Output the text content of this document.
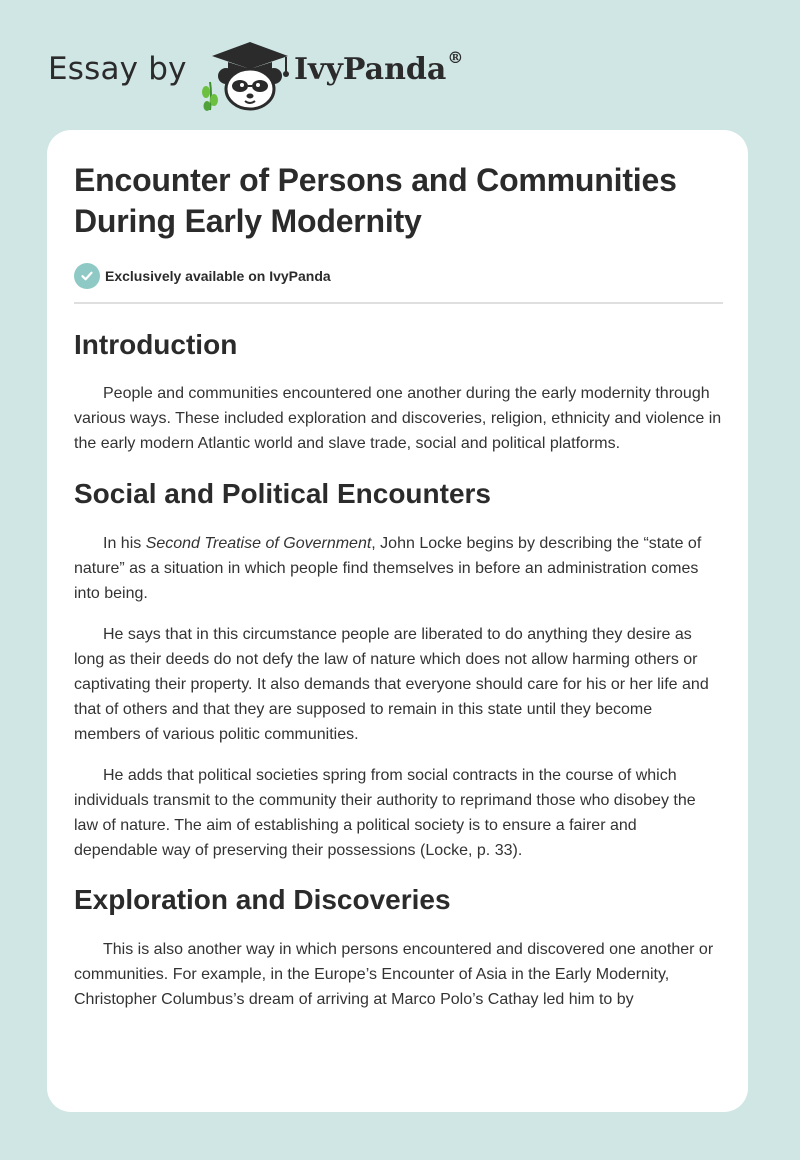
Essay by	IvyPanda®
Encounter of Persons and Communities
During Early Modernity
Exclusively available on IvyPanda
Introduction

People and communities encountered one another during the early modernity through various ways. These included exploration and discoveries, religion, ethnicity and violence in the early modern Atlantic world and slave trade, social and political platforms.

Social and Political Encounters

In his Second Treatise of Government, John Locke begins by describing the “state of nature” as a situation in which people find themselves in before an administration comes into being.

He says that in this circumstance people are liberated to do anything they desire as long as their deeds do not defy the law of nature which does not allow harming others or captivating their property. It also demands that everyone should care for his or her life and that of others and that they are supposed to remain in this state until they become members of various politic communities.

He adds that political societies spring from social contracts in the course of which individuals transmit to the community their authority to reprimand those who disobey the law of nature. The aim of establishing a political society is to ensure a fairer and dependable way of preserving their possessions (Locke, p. 33).

Exploration and Discoveries

This is also another way in which persons encountered and discovered one another or communities. For example, in the Europe’s Encounter of Asia in the Early Modernity, Christopher Columbus’s dream of arriving at Marco Polo’s Cathay led him to by
